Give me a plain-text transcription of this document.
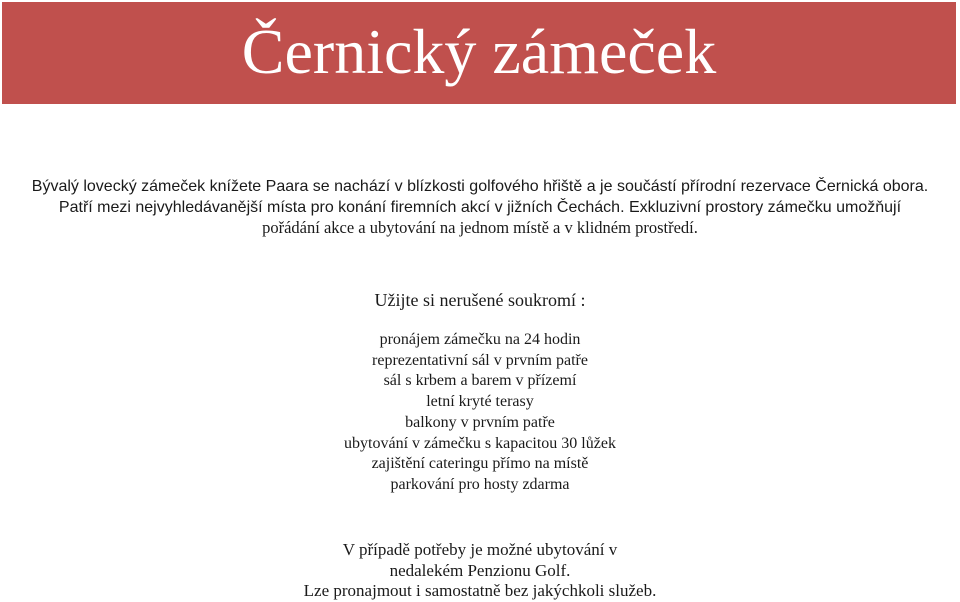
Černický zámeček
Bývalý lovecký zámeček knížete Paara se nachází v blízkosti golfového hřiště a je součástí přírodní rezervace Černická obora.
Patří mezi nejvyhledávanější místa pro konání firemních akcí v jižních Čechách. Exkluzivní prostory zámečku umožňují
pořádání akce a ubytování na jednom místě a v klidném prostředí.
Užijte si nerušené soukromí :
pronájem zámečku na 24 hodin
reprezentativní sál v prvním patře
sál s krbem a barem v přízemí
letní kryté terasy
balkony v prvním patře
ubytování v zámečku s kapacitou 30 lůžek
zajištění cateringu přímo na místě
parkování pro hosty zdarma
V případě potřeby je možné ubytování v
nedalekém Penzionu Golf.
Lze pronajmout i samostatně bez jakýchkoli služeb.
